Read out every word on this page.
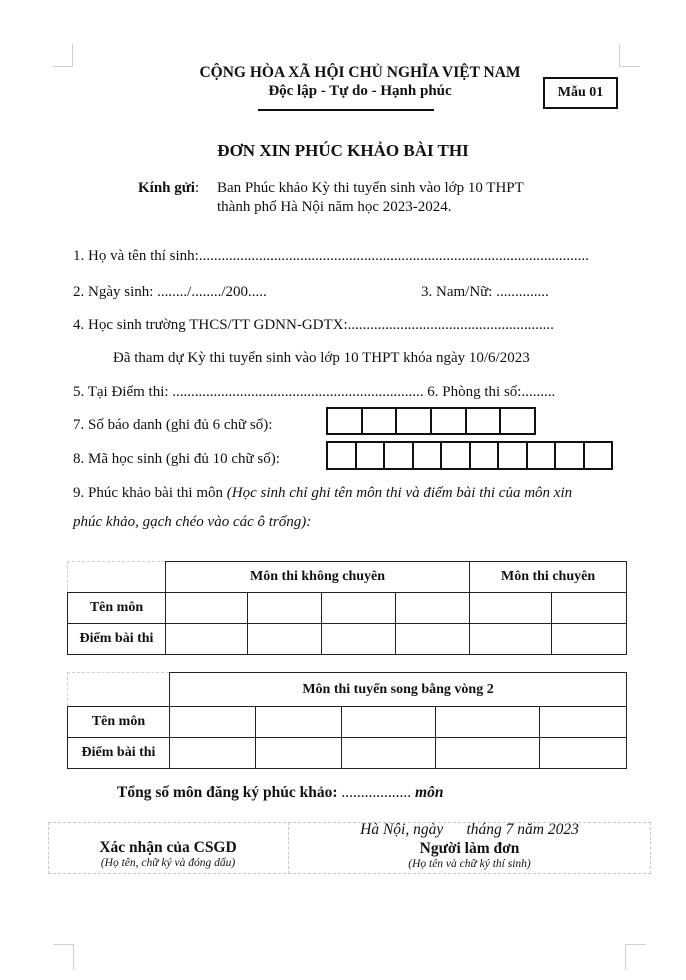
CỘNG HÒA XÃ HỘI CHỦ NGHĨA VIỆT NAM
Độc lập - Tự do - Hạnh phúc	Mẫu 01
ĐƠN XIN PHÚC KHẢO BÀI THI
Kính gửi: Ban Phúc khảo Kỳ thi tuyển sinh vào lớp 10 THPT
thành phố Hà Nội năm học 2023-2024.
1. Họ và tên thí sinh:........................................................................................................
2. Ngày sinh: ......../......../200.....	3. Nam/Nữ: ..............
4. Học sinh trường THCS/TT GDNN-GDTX:.......................................................
Đã tham dự Kỳ thi tuyển sinh vào lớp 10 THPT khóa ngày 10/6/2023
5. Tại Điểm thi: ................................................................... 6. Phòng thi số:.........
7. Số báo danh (ghi đủ 6 chữ số):
8. Mã học sinh (ghi đủ 10 chữ số):
9. Phúc khảo bài thi môn (Học sinh chỉ ghi tên môn thi và điểm bài thi của môn xin
phúc khảo, gạch chéo vào các ô trống):
	Môn thi không chuyên				Môn thi chuyên	
Tên môn						
Điểm bài thi						
	Môn thi tuyển song bằng vòng 2				
Tên môn					
Điểm bài thi					
Tổng số môn đăng ký phúc khảo: .................. môn
Xác nhận của CSGD
(Họ tên, chữ ký và đóng dấu)
Hà Nội, ngày      tháng 7 năm 2023
Người làm đơn
(Họ tên và chữ ký thí sinh)
